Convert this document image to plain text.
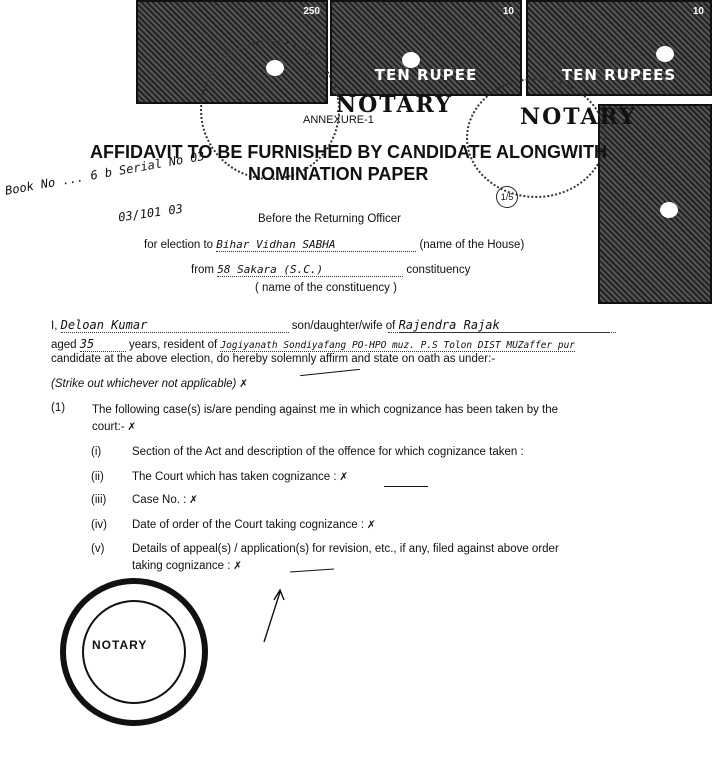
250	10
TEN RUPEE
10
TEN RUPEES
NOTARY	NOTARY
ANNEXURE-1
AFFIDAVIT TO BE FURNISHED BY CANDIDATE ALONGWITH
NOMINATION PAPER
1/5
Book No ... 6 b Serial No 03
03/101 03	Before the Returning Officer
for election to Bihar Vidhan SABHA	(name of the House)
from 58 Sakara (S.C.)	constituency
( name of the constituency )
I, Deloan Kumar	son/daughter/wife of Rajendra Rajak
aged 35	years, resident of Jogiyanath Sondiyafang PO-HPO muz. P.S Tolon DIST MUZaffer pur
candidate at the above election, do hereby solemnly affirm and state on oath as under:-
(Strike out whichever not applicable) ✗
(1) The following case(s) is/are pending against me in which cognizance has been taken by the
court:- ✗
(i)	Section of the Act and description of the offence for which cognizance taken :
(ii) The Court which has taken cognizance : ✗
(iii) Case No. : ✗
(iv) Date of order of the Court taking cognizance : ✗
(v) Details of appeal(s) / application(s) for revision, etc., if any, filed against above order
taking cognizance : ✗
NOTARY
